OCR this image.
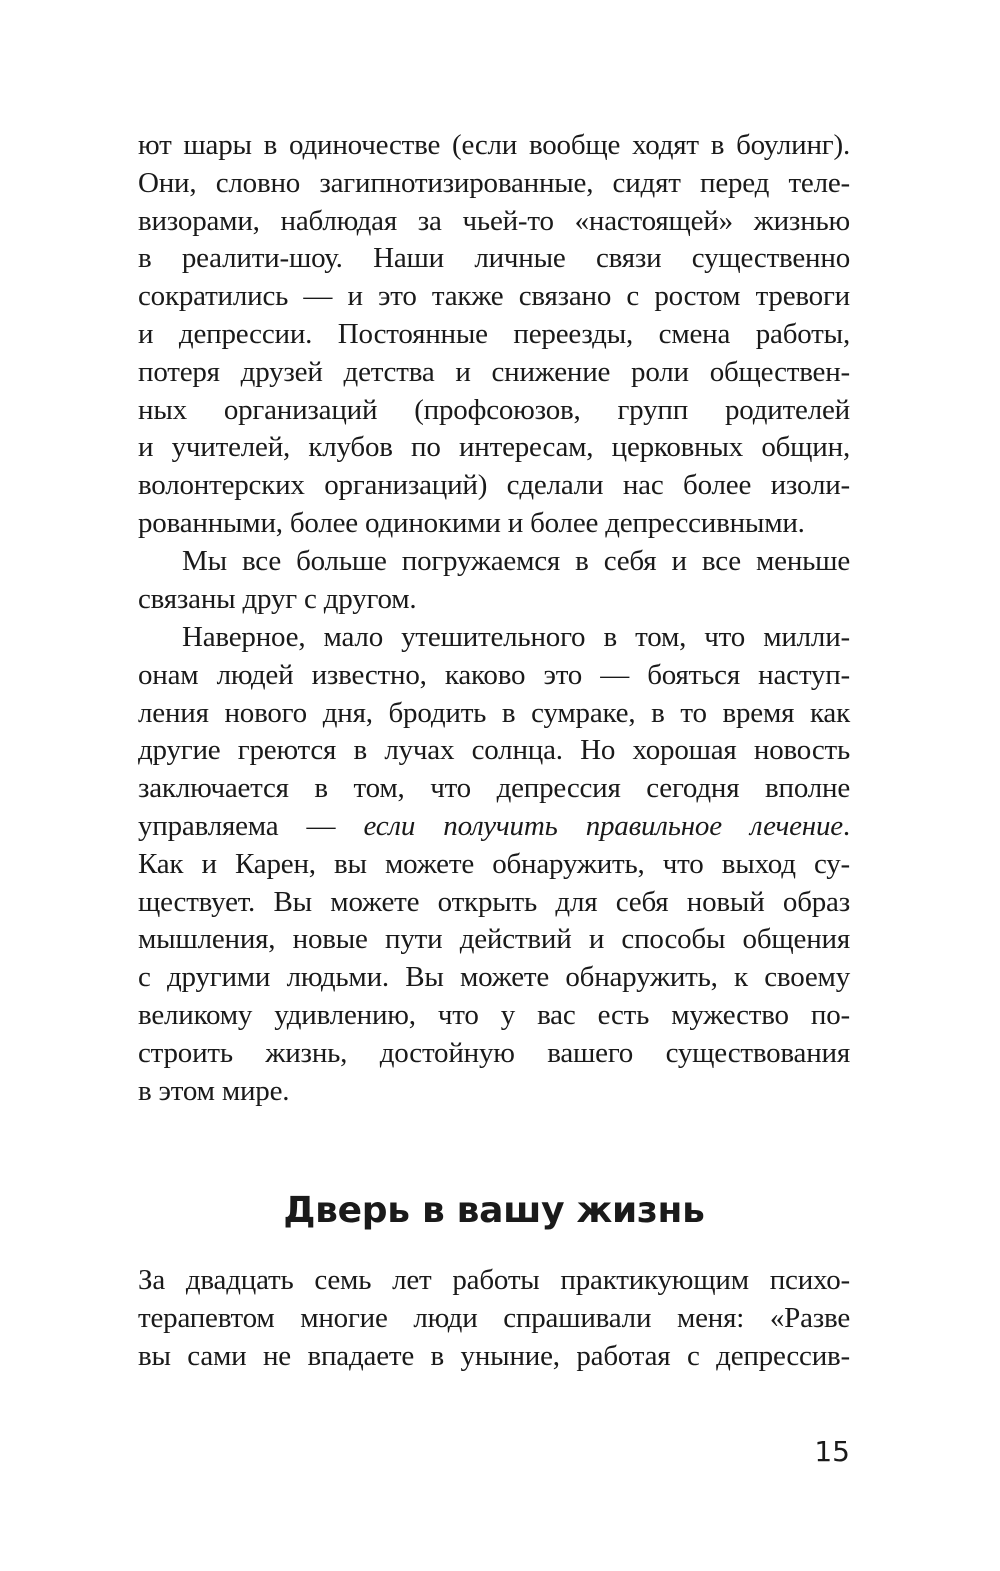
ют шары в одиночестве (если вообще ходят в боулинг).
Они, словно загипнотизированные, сидят перед теле-
визорами, наблюдая за чьей-то «настоящей» жизнью
в реалити-шоу. Наши личные связи существенно
сократились — и это также связано с ростом тревоги
и депрессии. Постоянные переезды, смена работы,
потеря друзей детства и снижение роли обществен-
ных организаций (профсоюзов, групп родителей
и учителей, клубов по интересам, церковных общин,
волонтерских организаций) сделали нас более изоли-
рованными, более одинокими и более депрессивными.
Мы все больше погружаемся в себя и все меньше
связаны друг с другом.
Наверное, мало утешительного в том, что милли-
онам людей известно, каково это — бояться наступ-
ления нового дня, бродить в сумраке, в то время как
другие греются в лучах солнца. Но хорошая новость
заключается в том, что депрессия сегодня вполне
управляема — если получить правильное лечение.
Как и Карен, вы можете обнаружить, что выход су-
ществует. Вы можете открыть для себя новый образ
мышления, новые пути действий и способы общения
с другими людьми. Вы можете обнаружить, к своему
великому удивлению, что у вас есть мужество по-
строить жизнь, достойную вашего существования
в этом мире.
Дверь в вашу жизнь
За двадцать семь лет работы практикующим психо-
терапевтом многие люди спрашивали меня: «Разве
вы сами не впадаете в уныние, работая с депрессив-
15
